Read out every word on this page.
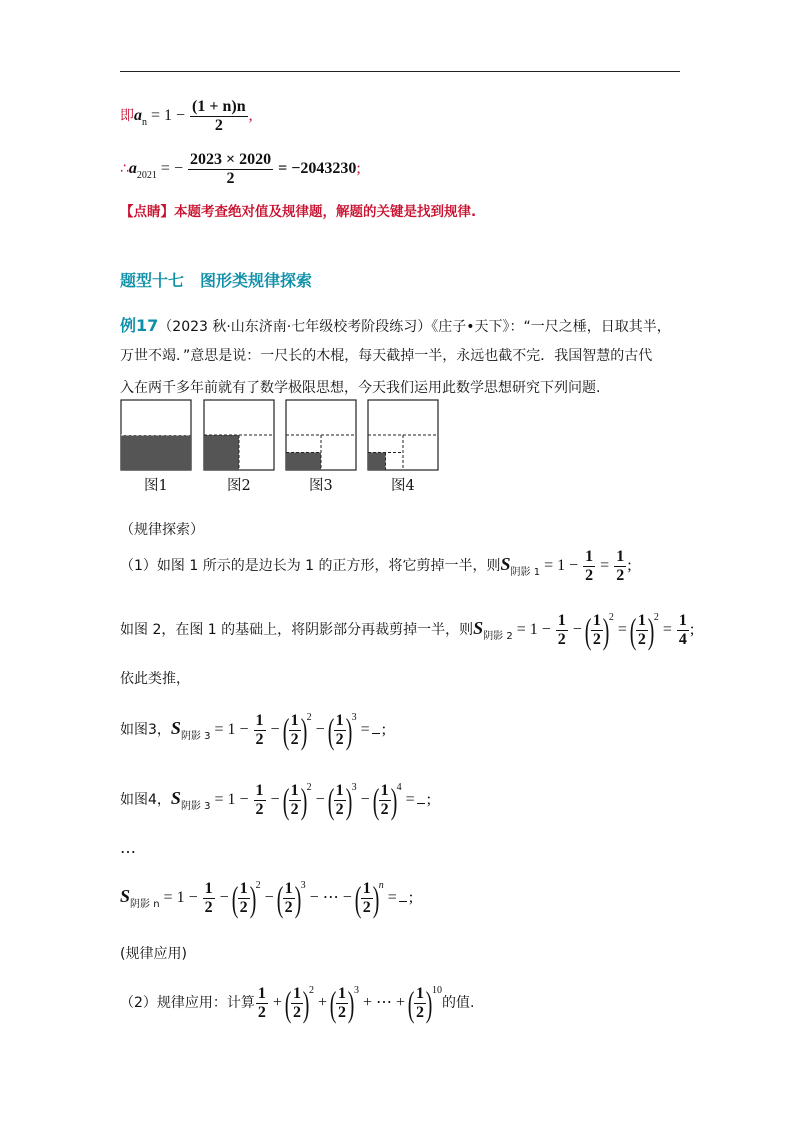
即$a_n = 1 - \frac{(1 + n)n}{2}$ ,
$\therefore a_{2021}$ = − $\frac{2023 \times 2020}{2} = -2043230$;
【点睛】本题考查绝对值及规律题，解题的关键是找到规律.
题型十七　图形类规律探索
例17（2023 秋·山东济南·七年级校考阶段练习）《庄子•天下》：“一尺之棰，日取其半，
万世不竭．”意思是说：一尺长的木棍，每天截掉一半，永远也截不完．我国智慧的古代
入在两千多年前就有了数学极限思想，今天我们运用此数学思想研究下列问题.
图1	图2	图3	图4
（规律探索）
（1）如图 1 所示的是边长为 1 的正方形，将它剪掉一半，则$S_{阴影 1} = 1 - \frac{1}{2} = \frac{1}{2}$ ;
如图 2，在图 1 的基础上，将阴影部分再裁剪掉一半，则$S_{阴影 2} = 1 - \frac{1}{2}$ − ( $\frac{1}{2} )^2$ = ( $\frac{1}{2} )^2 = \frac{1}{4}$ ;
依此类推，
如图3，$S_{阴影 3} = 1 - \frac{1}{2}$ − ( $\frac{1}{2} )^2$ − ( $\frac{1}{2} )^3$ = ;
如图4，$S_{阴影 3} = 1 - \frac{1}{2}$ − ( $\frac{1}{2} )^2$ − ( $\frac{1}{2} )^3$ − ( $\frac{1}{2} )^4$ = ;
…
$S_{阴影 n} = 1 - \frac{1}{2}$ − ( $\frac{1}{2} )^2$ − ( $\frac{1}{2} )^3$ − ⋯ − ( $\frac{1}{2} )^n$ = ;
(规律应用)
（2）规律应用：计算 $\frac{1}{2}$ + ( $\frac{1}{2} )^2$ + ( $\frac{1}{2} )^3$ + ⋯ + ( $\frac{1}{2} )^{10}$的值.
